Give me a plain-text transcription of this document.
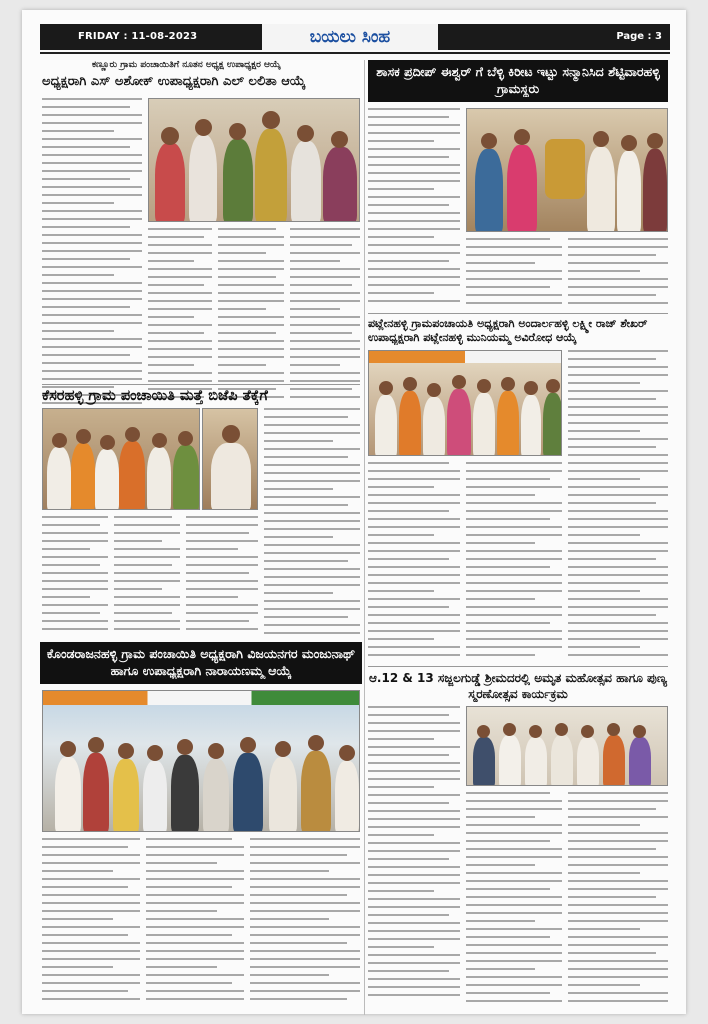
FRIDAY : 11-08-2023	ಬಯಲು ಸಿಂಹ	Page : 3
ಕಣ್ಣೂರು ಗ್ರಾಮ ಪಂಚಾಯಿತಿಗೆ ನೂತನ ಅಧ್ಯಕ್ಷ ಉಪಾಧ್ಯಕ್ಷರ ಆಯ್ಕೆ
ಅಧ್ಯಕ್ಷರಾಗಿ ಎಸ್ ಅಶೋಕ್ ಉಪಾಧ್ಯಕ್ಷರಾಗಿ ಎಲ್ ಲಲಿತಾ ಆಯ್ಕೆ
ಕೆಸರಹಳ್ಳಿ ಗ್ರಾಮ ಪಂಚಾಯಿತಿ ಮತ್ತೆ ಬಿಜೆಪಿ ತೆಕ್ಕೆಗೆ
ಕೊಂಡರಾಜನಹಳ್ಳಿ ಗ್ರಾಮ ಪಂಚಾಯಿತಿ ಅಧ್ಯಕ್ಷರಾಗಿ ವಿಜಯನಗರ ಮಂಜುನಾಥ್ ಹಾಗೂ ಉಪಾಧ್ಯಕ್ಷರಾಗಿ ನಾರಾಯಣಮ್ಮ ಆಯ್ಕೆ
ಶಾಸಕ ಪ್ರದೀಪ್ ಈಶ್ವರ್ ಗೆ ಬೆಳ್ಳಿ ಕಿರೀಟ ಇಟ್ಟು ಸನ್ಮಾನಿಸಿದ ಶೆಟ್ಟಿವಾರಹಳ್ಳಿ ಗ್ರಾಮಸ್ಥರು
ಪಟ್ಲೇನಹಳ್ಳಿ ಗ್ರಾಮಪಂಚಾಯತಿ ಅಧ್ಯಕ್ಷರಾಗಿ ಅಂದಾರ್ಲಹಳ್ಳಿ ಲಕ್ಷ್ಮೀ ರಾಜ್ ಶೇಖರ್ ಉಪಾಧ್ಯಕ್ಷರಾಗಿ ಪಟ್ಲೇನಹಳ್ಳಿ ಮುನಿಯಮ್ಮ ಅವಿರೋಧ ಆಯ್ಕೆ
ಆ.12 & 13 ಸಜ್ಜಲಗುಡ್ಡೆ ಶ್ರೀಮದರಲ್ಲಿ ಅಮೃತ ಮಹೋತ್ಸವ ಹಾಗೂ ಪುಣ್ಯ ಸ್ಮರಣೋತ್ಸವ ಕಾರ್ಯಕ್ರಮ
